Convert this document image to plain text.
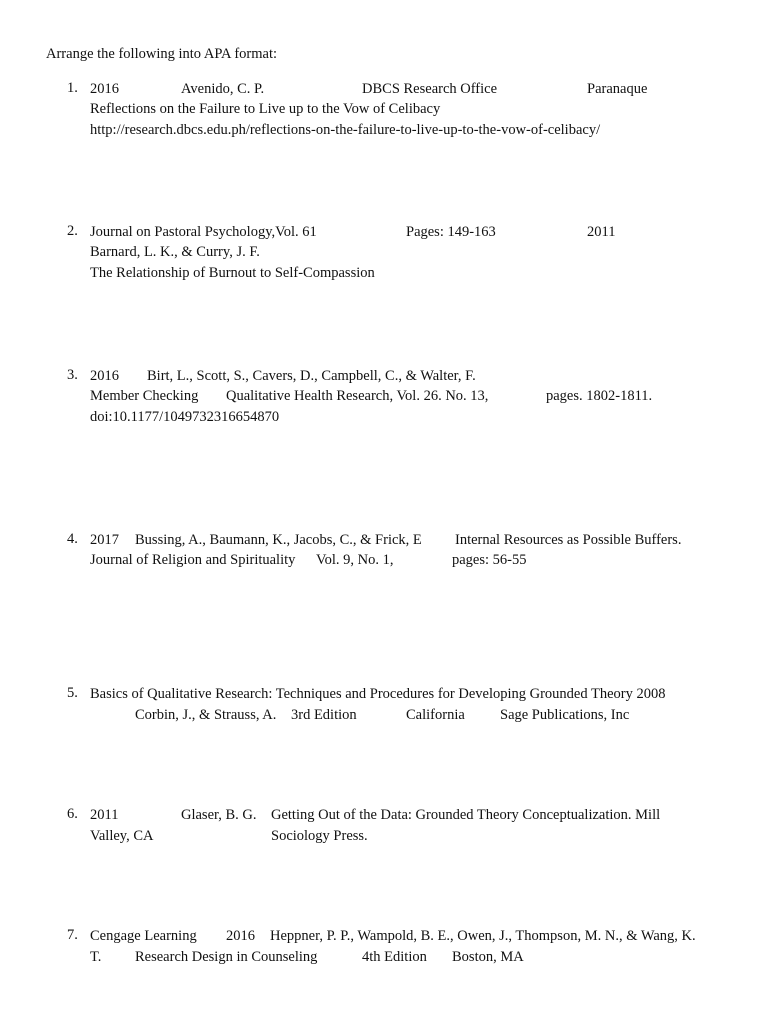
Arrange the following into APA format:
1. 2016	Avenido, C. P.	DBCS Research Office	Paranaque
Reflections on the Failure to Live up to the Vow of Celibacy
http://research.dbcs.edu.ph/reflections-on-the-failure-to-live-up-to-the-vow-of-celibacy/
2. Journal on Pastoral Psychology,Vol. 61	Pages: 149-163	2011
Barnard, L. K., & Curry, J. F.
The Relationship of Burnout to Self-Compassion
3. 2016 Birt, L., Scott, S., Cavers, D., Campbell, C., & Walter, F.
Member Checking Qualitative Health Research, Vol. 26. No. 13,	pages. 1802-1811.
doi:10.1177/1049732316654870
4. 2017 Bussing, A., Baumann, K., Jacobs, C., & Frick, E Internal Resources as Possible Buffers.
Journal of Religion and Spirituality Vol. 9, No. 1,	pages: 56-55
5. Basics of Qualitative Research: Techniques and Procedures for Developing Grounded Theory 2008
Corbin, J., & Strauss, A. 3rd Edition	California Sage Publications, Inc
6. 2011	Glaser, B. G. Getting Out of the Data: Grounded Theory Conceptualization. Mill
Valley, CA	Sociology Press.
7. Cengage Learning 2016 Heppner, P. P., Wampold, B. E., Owen, J., Thompson, M. N., & Wang, K.
T. Research Design in Counseling	4th Edition Boston, MA
